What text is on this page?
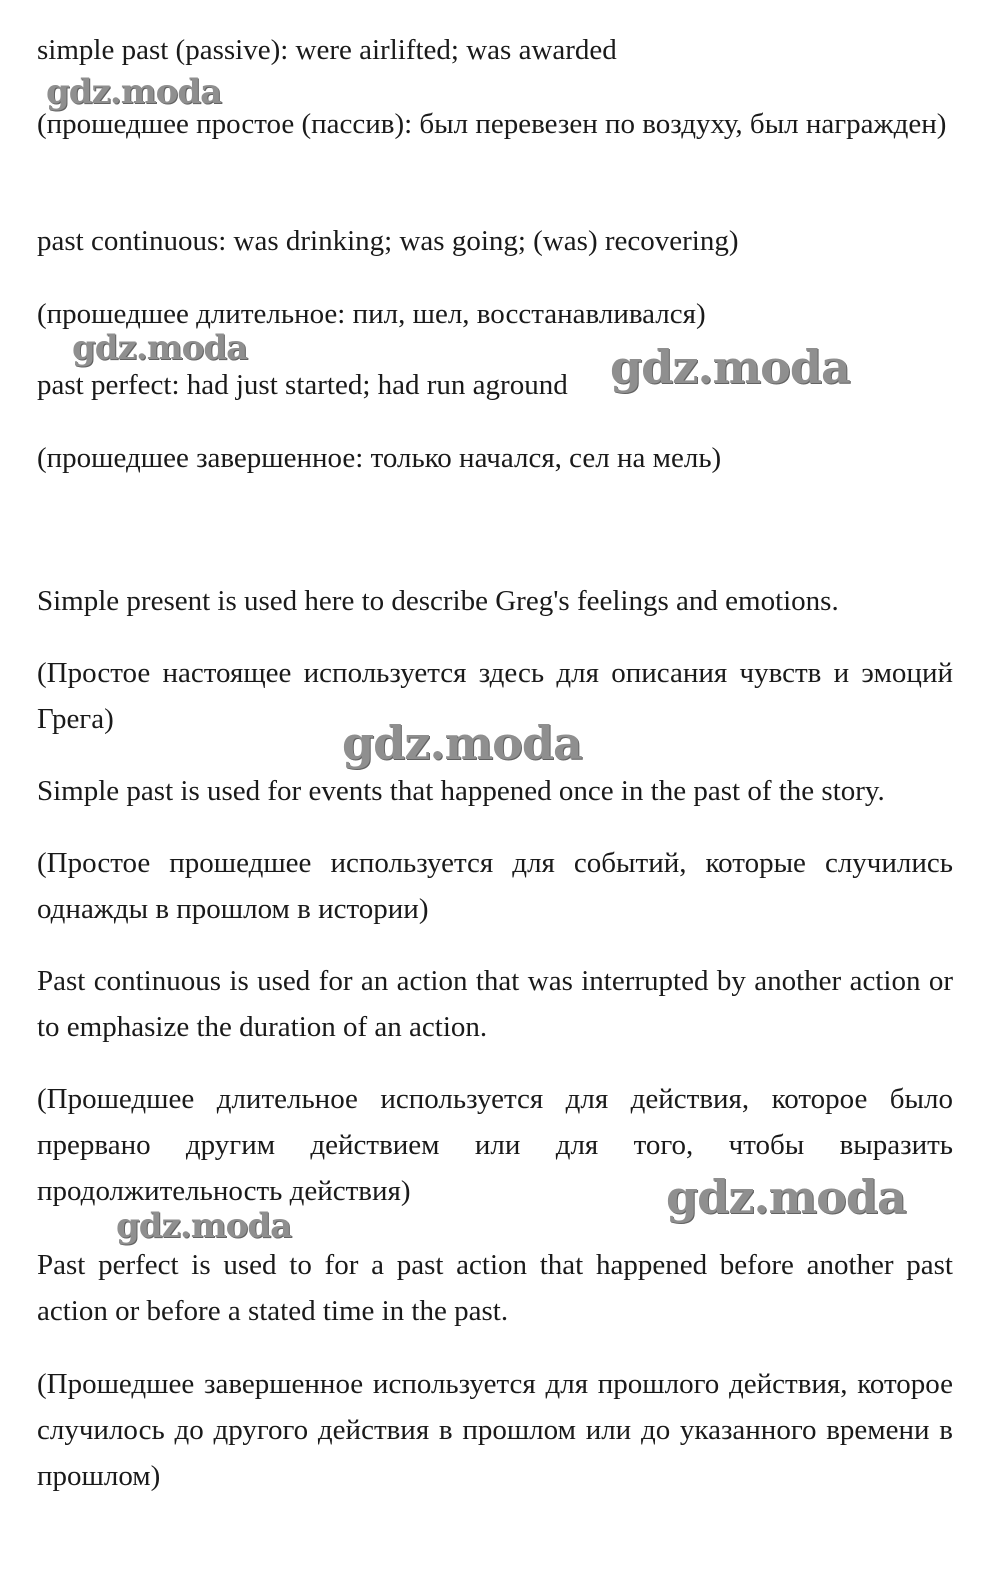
simple past (passive): were airlifted; was awarded
(прошедшее простое (пассив): был перевезен по воздуху, был награжден)
past continuous: was drinking; was going; (was) recovering)
(прошедшее длительное: пил, шел, восстанавливался)
past perfect: had just started; had run aground
(прошедшее завершенное: только начался, сел на мель)
Simple present is used here to describe Greg's feelings and emotions.
(Простое настоящее используется здесь для описания чувств и эмоций Грега)
Simple past is used for events that happened once in the past of the story.
(Простое прошедшее используется для событий, которые случились однажды в прошлом в истории)
Past continuous is used for an action that was interrupted by another action or to emphasize the duration of an action.
(Прошедшее длительное используется для действия, которое было прервано другим действием или для того, чтобы выразить продолжительность действия)
Past perfect is used to for a past action that happened before another past action or before a stated time in the past.
(Прошедшее завершенное используется для прошлого действия, которое случилось до другого действия в прошлом или до указанного времени в прошлом)
gdz.moda
gdz.moda	gdz.moda
gdz.moda
gdz.moda
gdz.moda
